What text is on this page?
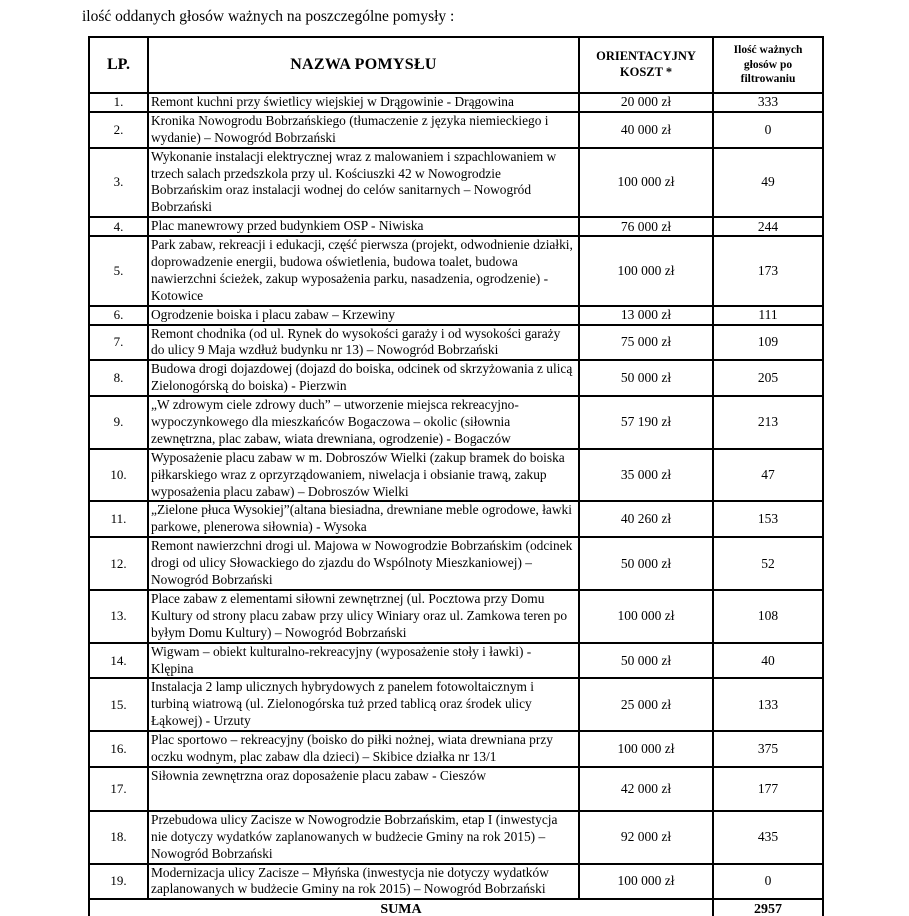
ilość oddanych głosów ważnych na poszczególne pomysły :

LP.	NAZWA POMYSŁU	ORIENTACYJNY KOSZT *	Ilość ważnych głosów po filtrowaniu
1.	Remont kuchni przy świetlicy wiejskiej w Drągowinie - Drągowina	20 000 zł	333
2.	Kronika Nowogrodu Bobrzańskiego (tłumaczenie z języka niemieckiego i wydanie) – Nowogród Bobrzański	40 000 zł	0
3.	Wykonanie instalacji elektrycznej wraz z malowaniem i szpachlowaniem w trzech salach przedszkola przy ul. Kościuszki 42 w Nowogrodzie Bobrzańskim oraz instalacji wodnej do celów sanitarnych – Nowogród Bobrzański	100 000 zł	49
4.	Plac manewrowy przed budynkiem OSP - Niwiska	76 000 zł	244
5.	Park zabaw, rekreacji i edukacji, część pierwsza (projekt, odwodnienie działki, doprowadzenie energii, budowa oświetlenia, budowa toalet, budowa nawierzchni ścieżek, zakup wyposażenia parku, nasadzenia, ogrodzenie) - Kotowice	100 000 zł	173
6.	Ogrodzenie boiska i placu zabaw – Krzewiny	13 000 zł	111
7.	Remont chodnika (od ul. Rynek do wysokości garaży i od wysokości garaży do ulicy 9 Maja wzdłuż budynku nr 13) – Nowogród Bobrzański	75 000 zł	109
8.	Budowa drogi dojazdowej (dojazd do boiska, odcinek od skrzyżowania z ulicą Zielonogórską do boiska) - Pierzwin	50 000 zł	205
9.	„W zdrowym ciele zdrowy duch” – utworzenie miejsca rekreacyjno-wypoczynkowego dla mieszkańców Bogaczowa – okolic (siłownia zewnętrzna, plac zabaw, wiata drewniana, ogrodzenie) - Bogaczów	57 190 zł	213
10.	Wyposażenie placu zabaw w m. Dobroszów Wielki (zakup bramek do boiska piłkarskiego wraz z oprzyrządowaniem, niwelacja i obsianie trawą, zakup wyposażenia placu zabaw) – Dobroszów Wielki	35 000 zł	47
11.	„Zielone płuca Wysokiej”(altana biesiadna, drewniane meble ogrodowe, ławki parkowe, plenerowa siłownia) - Wysoka	40 260 zł	153
12.	Remont nawierzchni drogi ul. Majowa w Nowogrodzie Bobrzańskim (odcinek drogi od ulicy Słowackiego do zjazdu do Wspólnoty Mieszkaniowej) – Nowogród Bobrzański	50 000 zł	52
13.	Place zabaw z elementami siłowni zewnętrznej (ul. Pocztowa przy Domu Kultury od strony placu zabaw przy ulicy Winiary oraz ul. Zamkowa teren po byłym Domu Kultury) – Nowogród Bobrzański	100 000 zł	108
14.	Wigwam – obiekt kulturalno-rekreacyjny (wyposażenie stoły i ławki) - Klępina	50 000 zł	40
15.	Instalacja 2 lamp ulicznych hybrydowych z panelem fotowoltaicznym i turbiną wiatrową (ul. Zielonogórska tuż przed tablicą oraz środek ulicy Łąkowej) - Urzuty	25 000 zł	133
16.	Plac sportowo – rekreacyjny (boisko do piłki nożnej, wiata drewniana przy oczku wodnym, plac zabaw dla dzieci) – Skibice działka nr 13/1	100 000 zł	375
17.	Siłownia zewnętrzna oraz doposażenie placu zabaw - Cieszów	42 000 zł	177
18.	Przebudowa ulicy Zacisze w Nowogrodzie Bobrzańskim, etap I (inwestycja nie dotyczy wydatków zaplanowanych w budżecie Gminy na rok 2015) – Nowogród Bobrzański	92 000 zł	435
19.	Modernizacja ulicy Zacisze – Młyńska (inwestycja nie dotyczy wydatków zaplanowanych w budżecie Gminy na rok 2015) – Nowogród Bobrzański	100 000 zł	0
SUMA			2957
